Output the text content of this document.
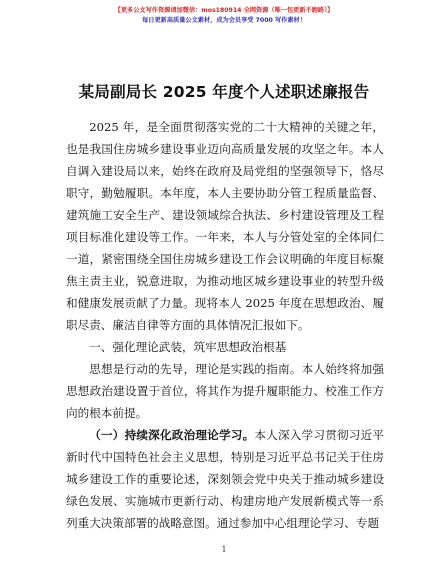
【更多公文写作资源请加微信：mos180914 全网资源（唯一包更新不跑路）】
每日更新高质量公文素材，成为会员享受 7000 写作素材！
某局副局长 2025 年度个人述职述廉报告

2025 年，是全面贯彻落实党的二十大精神的关键之年，也是我国住房城乡建设事业迈向高质量发展的攻坚之年。本人自调入建设局以来，始终在政府及局党组的坚强领导下，恪尽职守，勤勉履职。本年度，本人主要协助分管工程质量监督、建筑施工安全生产、建设领域综合执法、乡村建设管理及工程项目标准化建设等工作。一年来，本人与分管处室的全体同仁一道，紧密围绕全国住房城乡建设工作会议明确的年度目标聚焦主责主业，锐意进取，为推动地区城乡建设事业的转型升级和健康发展贡献了力量。现将本人 2025 年度在思想政治、履职尽责、廉洁自律等方面的具体情况汇报如下。

一、强化理论武装，筑牢思想政治根基

思想是行动的先导，理论是实践的指南。本人始终将加强思想政治建设置于首位，将其作为提升履职能力、校准工作方向的根本前提。

（一）持续深化政治理论学习。本人深入学习贯彻习近平新时代中国特色社会主义思想，特别是习近平总书记关于住房城乡建设工作的重要论述，深刻领会党中央关于推动城乡建设绿色发展、实施城市更新行动、构建房地产发展新模式等一系列重大决策部署的战略意图。通过参加中心组理论学习、专题

1
